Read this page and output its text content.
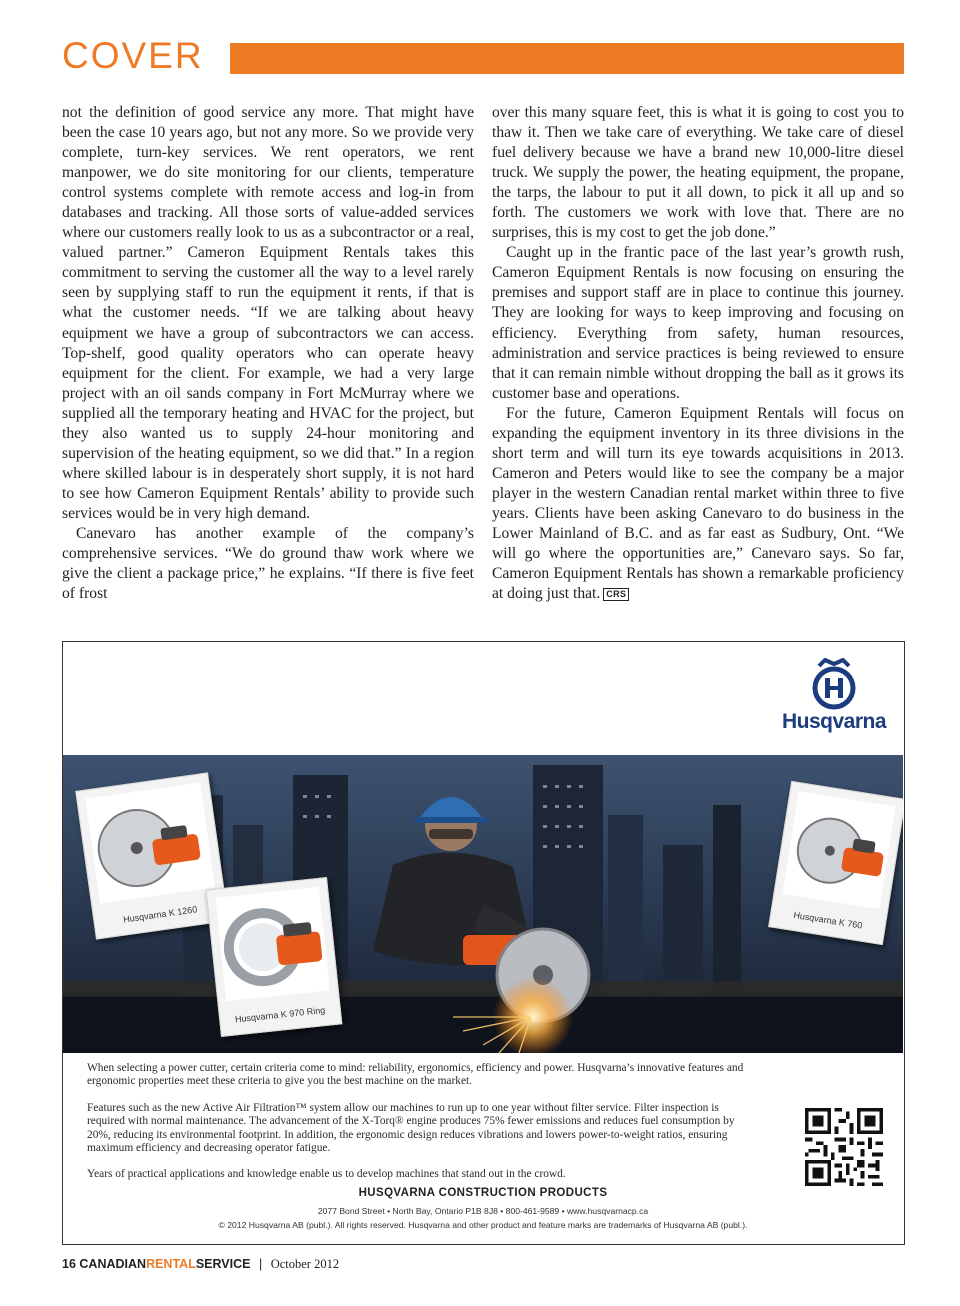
COVER

not the definition of good service any more. That might have been the case 10 years ago, but not any more. So we provide very complete, turn-key services. We rent operators, we rent manpower, we do site monitoring for our clients, temperature control systems complete with remote access and log-in from databases and tracking. All those sorts of value-added services where our customers really look to us as a subcontractor or a real, valued partner.” Cameron Equipment Rentals takes this commitment to serving the customer all the way to a level rarely seen by supplying staff to run the equipment it rents, if that is what the customer needs. “If we are talking about heavy equipment we have a group of subcontractors we can access. Top-shelf, good quality operators who can operate heavy equipment for the client. For example, we had a very large project with an oil sands company in Fort McMurray where we supplied all the temporary heating and HVAC for the project, but they also wanted us to supply 24-hour monitoring and supervision of the heating equipment, so we did that.” In a region where skilled labour is in desperately short supply, it is not hard to see how Cameron Equipment Rentals’ ability to provide such services would be in very high demand.

Canevaro has another example of the company’s comprehensive services. “We do ground thaw work where we give the client a package price,” he explains. “If there is five feet of frost

over this many square feet, this is what it is going to cost you to thaw it. Then we take care of everything. We take care of diesel fuel delivery because we have a brand new 10,000-litre diesel truck. We supply the power, the heating equipment, the propane, the tarps, the labour to put it all down, to pick it all up and so forth. The customers we work with love that. There are no surprises, this is my cost to get the job done.”

Caught up in the frantic pace of the last year’s growth rush, Cameron Equipment Rentals is now focusing on ensuring the premises and support staff are in place to continue this journey. They are looking for ways to keep improving and focusing on efficiency. Everything from safety, human resources, administration and service practices is being reviewed to ensure that it can remain nimble without dropping the ball as it grows its customer base and operations.

For the future, Cameron Equipment Rentals will focus on expanding the equipment inventory in its three divisions in the short term and will turn its eye towards acquisitions in 2013. Cameron and Peters would like to see the company be a major player in the western Canadian rental market within three to five years. Clients have been asking Canevaro to do business in the Lower Mainland of B.C. and as far east as Sudbury, Ont. “We will go where the opportunities are,” Canevaro says. So far, Cameron Equipment Rentals has shown a remarkable proficiency at doing just that. CRS

Husqvarna
Husqvarna K 1260
Husqvarna K 970 Ring
Husqvarna K 760

When selecting a power cutter, certain criteria come to mind: reliability, ergonomics, efficiency and power. Husqvarna’s innovative features and ergonomic properties meet these criteria to give you the best machine on the market.

Features such as the new Active Air Filtration™ system allow our machines to run up to one year without filter service. Filter inspection is required with normal maintenance. The advancement of the X-Torq® engine produces 75% fewer emissions and reduces fuel consumption by 20%, reducing its environmental footprint. In addition, the ergonomic design reduces vibrations and lowers power-to-weight ratios, ensuring maximum efficiency and decreasing operator fatigue.

Years of practical applications and knowledge enable us to develop machines that stand out in the crowd.

HUSQVARNA CONSTRUCTION PRODUCTS
2077 Bond Street • North Bay, Ontario P1B 8J8 • 800-461-9589 • www.husqvarnacp.ca
© 2012 Husqvarna AB (publ.). All rights reserved. Husqvarna and other product and feature marks are trademarks of Husqvarna AB (publ.).
16 CANADIANRENTALSERVICE | October 2012
